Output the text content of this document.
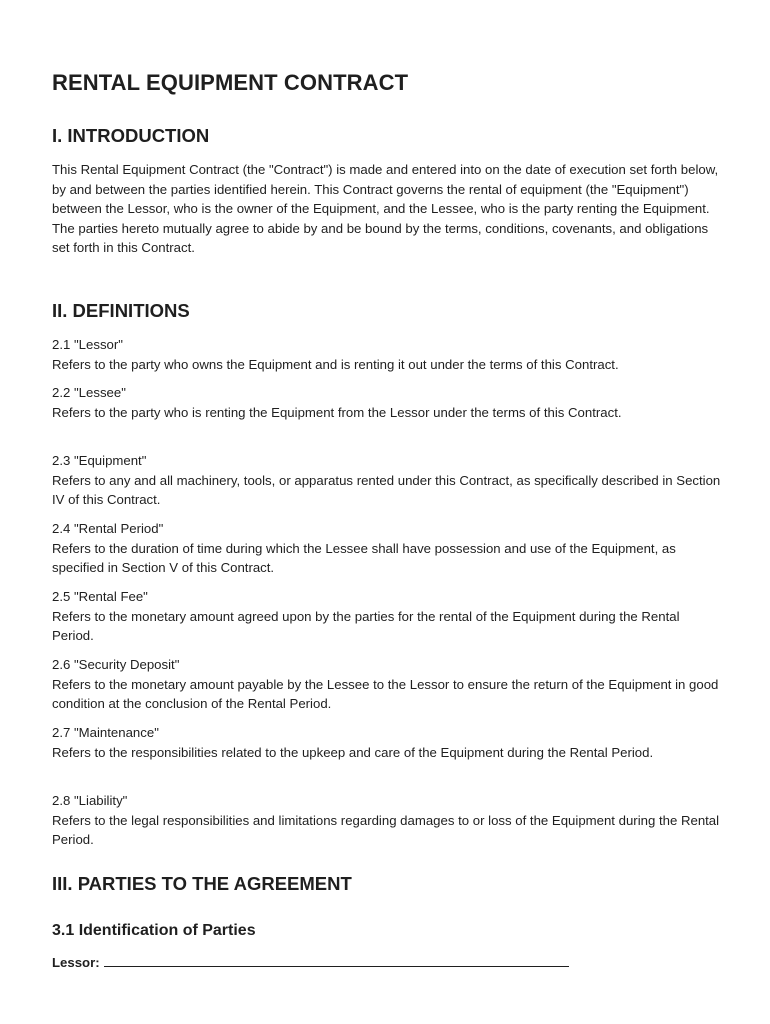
RENTAL EQUIPMENT CONTRACT
I. INTRODUCTION

This Rental Equipment Contract (the "Contract") is made and entered into on the date of execution set forth below, by and between the parties identified herein. This Contract governs the rental of equipment (the "Equipment") between the Lessor, who is the owner of the Equipment, and the Lessee, who is the party renting the Equipment. The parties hereto mutually agree to abide by and be bound by the terms, conditions, covenants, and obligations set forth in this Contract.

II. DEFINITIONS
2.1 "Lessor"
Refers to the party who owns the Equipment and is renting it out under the terms of this Contract.
2.2 "Lessee"
Refers to the party who is renting the Equipment from the Lessor under the terms of this Contract.
2.3 "Equipment"
Refers to any and all machinery, tools, or apparatus rented under this Contract, as specifically described in Section IV of this Contract.
2.4 "Rental Period"
Refers to the duration of time during which the Lessee shall have possession and use of the Equipment, as specified in Section V of this Contract.
2.5 "Rental Fee"
Refers to the monetary amount agreed upon by the parties for the rental of the Equipment during the Rental Period.
2.6 "Security Deposit"
Refers to the monetary amount payable by the Lessee to the Lessor to ensure the return of the Equipment in good condition at the conclusion of the Rental Period.
2.7 "Maintenance"
Refers to the responsibilities related to the upkeep and care of the Equipment during the Rental Period.
2.8 "Liability"
Refers to the legal responsibilities and limitations regarding damages to or loss of the Equipment during the Rental Period.
III. PARTIES TO THE AGREEMENT
3.1 Identification of Parties
Lessor:
